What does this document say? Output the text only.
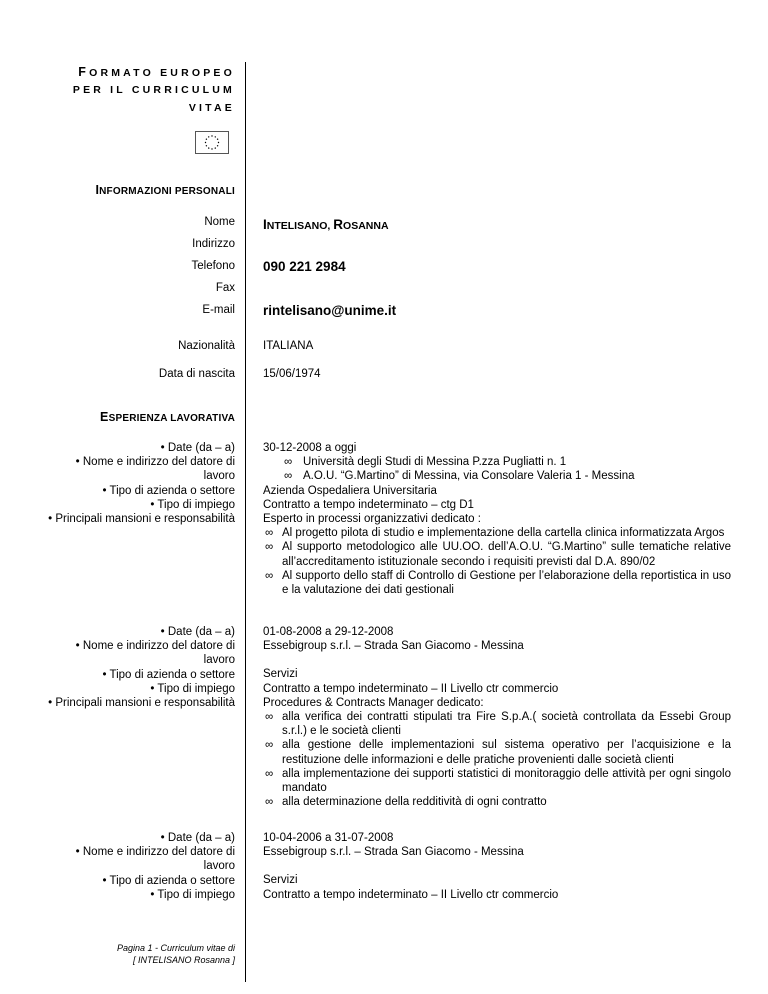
FORMATO EUROPEO
PER IL CURRICULUM
VITAE
INFORMAZIONI PERSONALI
Nome INTELISANO, ROSANNA
Indirizzo
Telefono 090 221 2984
Fax
E-mail rintelisano@unime.it
Nazionalità ITALIANA
Data di nascita 15/06/1974
ESPERIENZA LAVORATIVA
• Date (da – a)
• Nome e indirizzo del datore di
lavoro
• Tipo di azienda o settore
• Tipo di impiego
• Principali mansioni e responsabilità
30-12-2008 a oggi
∞ Università degli Studi di Messina P.zza Pugliatti n. 1
∞ A.O.U. “G.Martino” di Messina, via Consolare Valeria 1 - Messina
Azienda Ospedaliera Universitaria
Contratto a tempo indeterminato – ctg D1
Esperto in processi organizzativi dedicato :
∞ Al progetto pilota di studio e implementazione della cartella clinica informatizzata Argos
∞ Al supporto metodologico alle UU.OO. dell’A.O.U. “G.Martino” sulle tematiche relative all’accreditamento istituzionale secondo i requisiti previsti dal D.A. 890/02
∞ Al supporto dello staff di Controllo di Gestione per l’elaborazione della reportistica in uso e la valutazione dei dati gestionali
• Date (da – a)
• Nome e indirizzo del datore di
lavoro
• Tipo di azienda o settore
• Tipo di impiego
• Principali mansioni e responsabilità
01-08-2008 a 29-12-2008
Essebigroup s.r.l. – Strada San Giacomo - Messina
Servizi
Contratto a tempo indeterminato – II Livello ctr commercio
Procedures & Contracts Manager dedicato:
∞ alla verifica dei contratti stipulati tra Fire S.p.A.( società controllata da Essebi Group s.r.l.) e le società clienti
∞ alla gestione delle implementazioni sul sistema operativo per l’acquisizione e la restituzione delle informazioni e delle pratiche provenienti dalle società clienti
∞ alla implementazione dei supporti statistici di monitoraggio delle attività per ogni singolo mandato
∞ alla determinazione della redditività di ogni contratto
• Date (da – a)
• Nome e indirizzo del datore di
lavoro
• Tipo di azienda o settore
• Tipo di impiego
10-04-2006 a 31-07-2008
Essebigroup s.r.l. – Strada San Giacomo - Messina
Servizi
Contratto a tempo indeterminato – II Livello ctr commercio
Pagina 1 - Curriculum vitae di
[ INTELISANO Rosanna ]
